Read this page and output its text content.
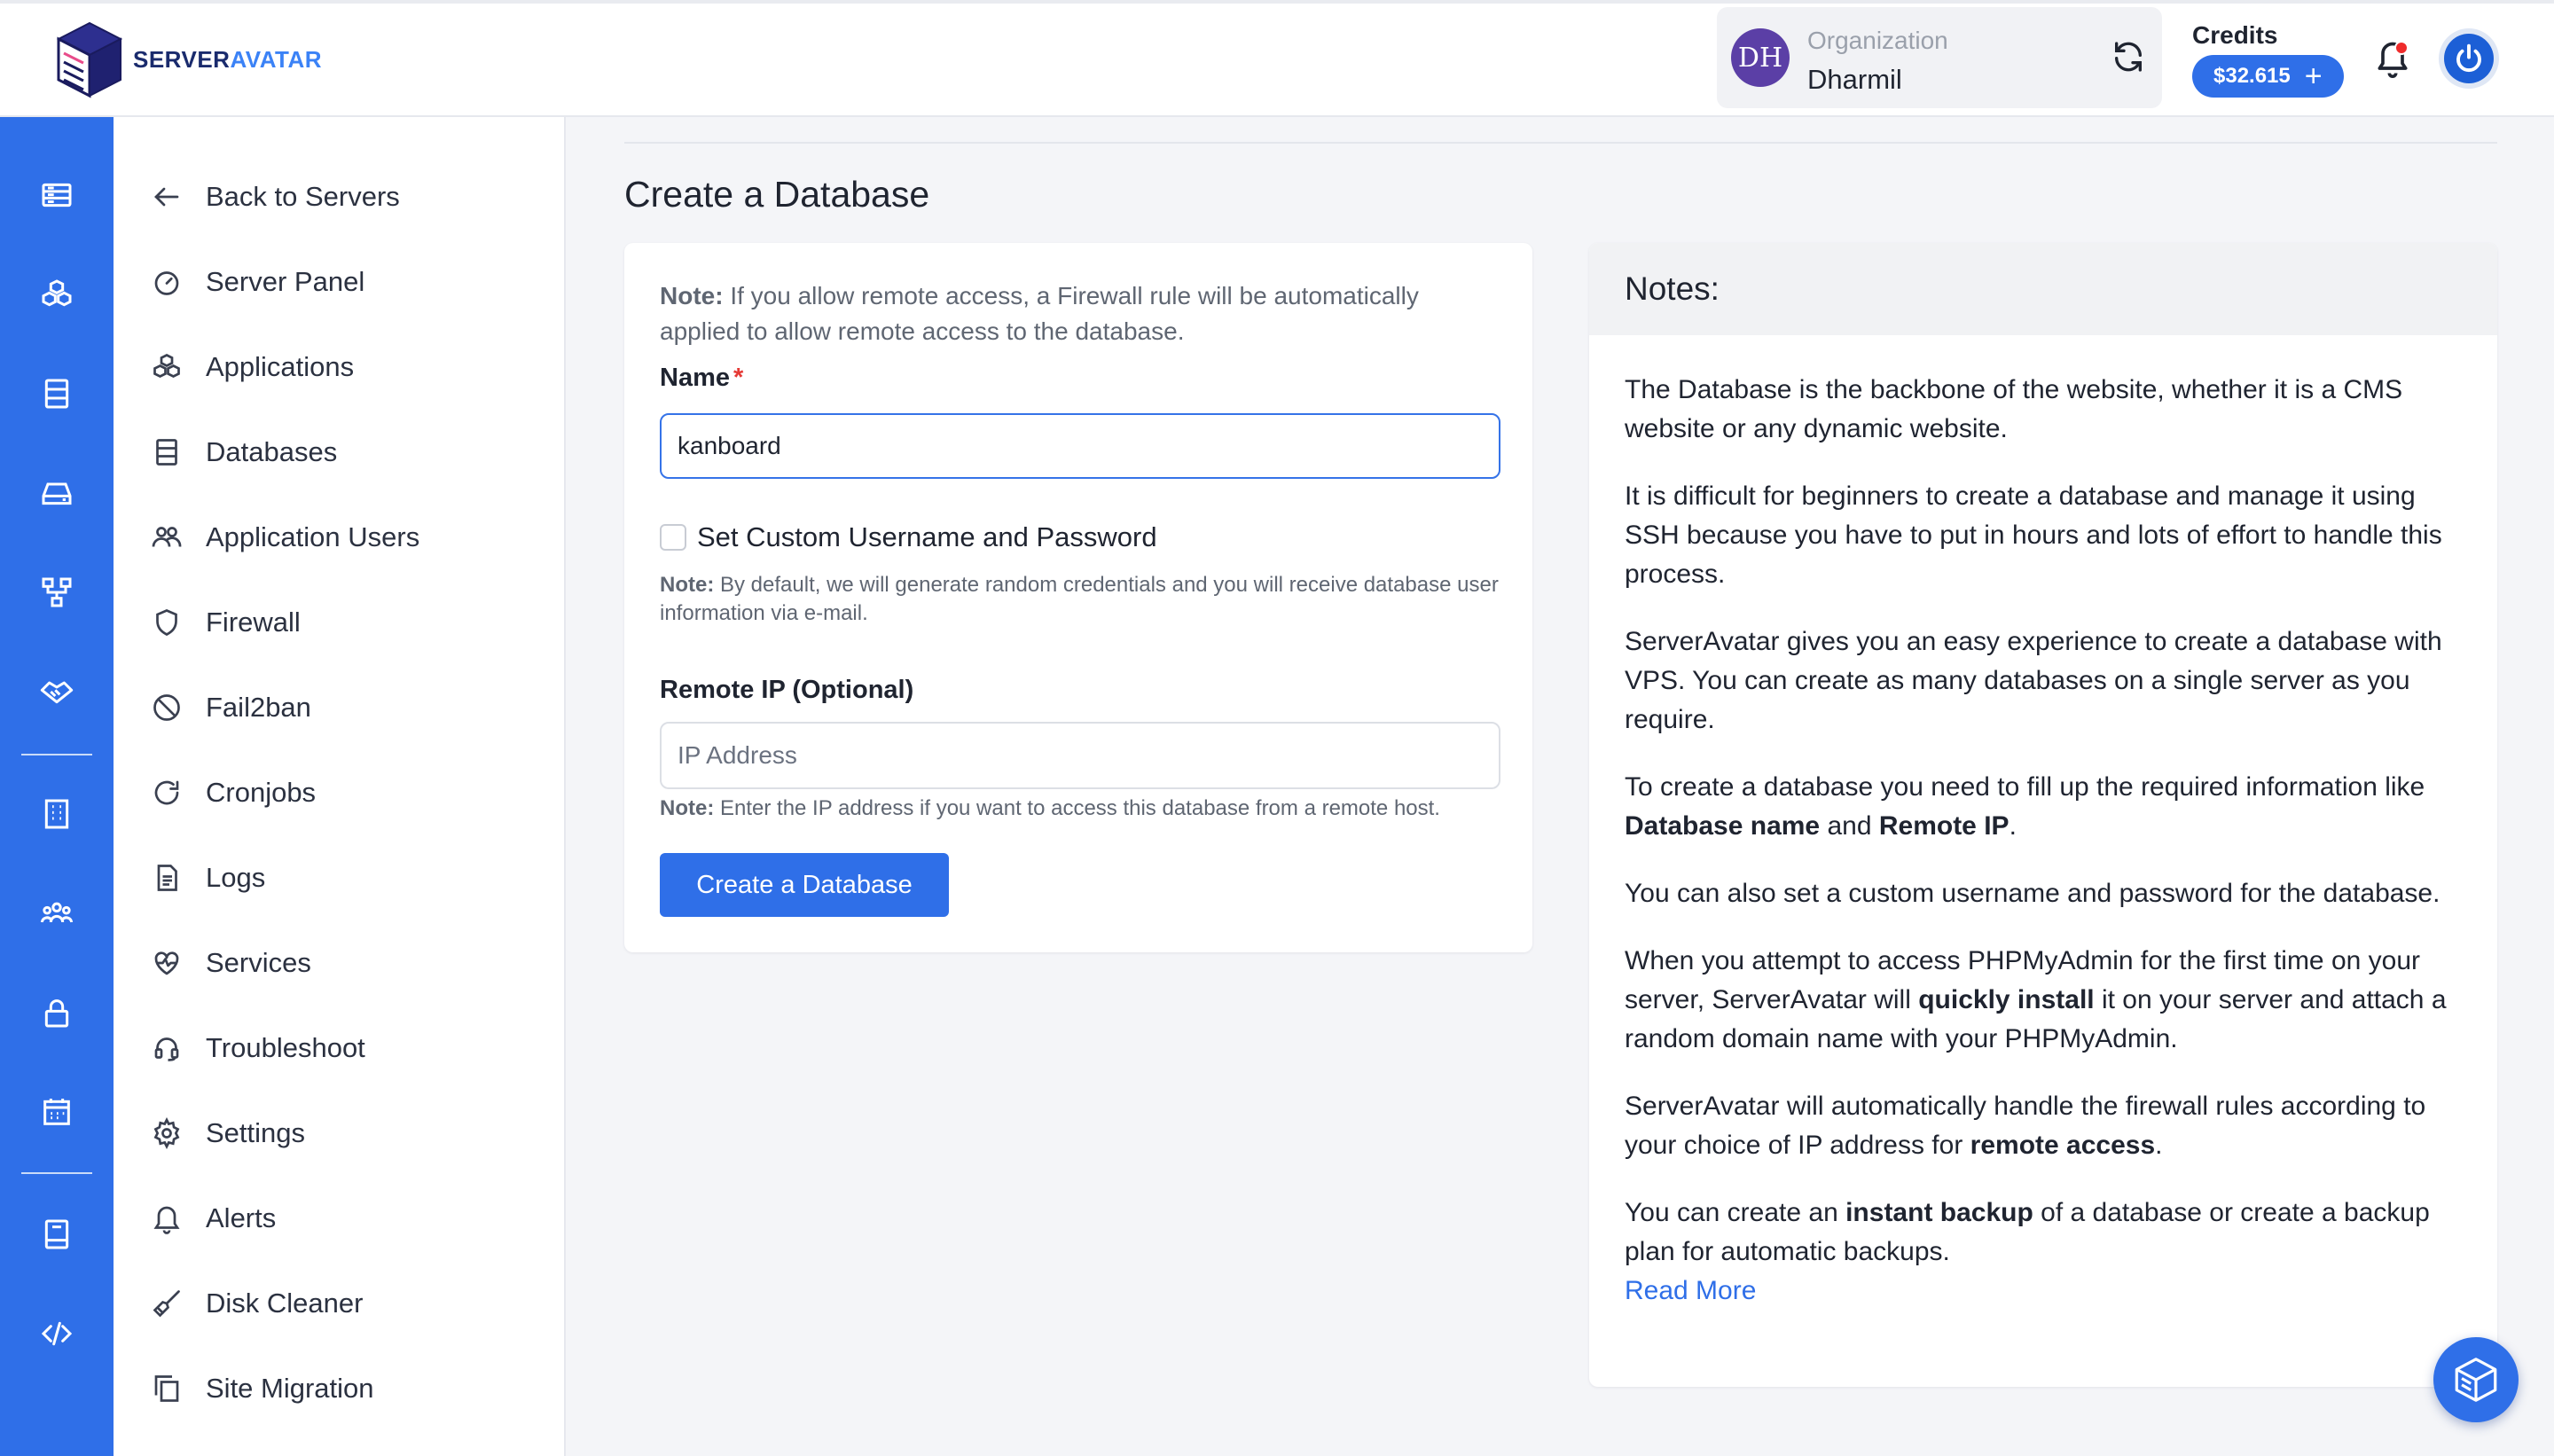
SERVERAVATAR	DH
Organization
Dharmil
Credits
$32.615 +
Back to Servers
Server Panel
Applications
Databases
Application Users
Firewall
Fail2ban
Cronjobs
Logs
Services
Troubleshoot
Settings
Alerts
Disk Cleaner
Site Migration
Create a Database
Note: If you allow remote access, a Firewall rule will be automatically applied to allow remote access to the database.
Name *
kanboard
Set Custom Username and Password
Note: By default, we will generate random credentials and you will receive database user information via e-mail.
Remote IP (Optional)
IP Address
Note: Enter the IP address if you want to access this database from a remote host.
Create a Database
Notes:

The Database is the backbone of the website, whether it is a CMS website or any dynamic website.

It is difficult for beginners to create a database and manage it using SSH because you have to put in hours and lots of effort to handle this process.

ServerAvatar gives you an easy experience to create a database with VPS. You can create as many databases on a single server as you require.

To create a database you need to fill up the required information like Database name and Remote IP.

You can also set a custom username and password for the database.

When you attempt to access PHPMyAdmin for the first time on your server, ServerAvatar will quickly install it on your server and attach a random domain name with your PHPMyAdmin.

ServerAvatar will automatically handle the firewall rules according to your choice of IP address for remote access.

You can create an instant backup of a database or create a backup plan for automatic backups.

Read More
